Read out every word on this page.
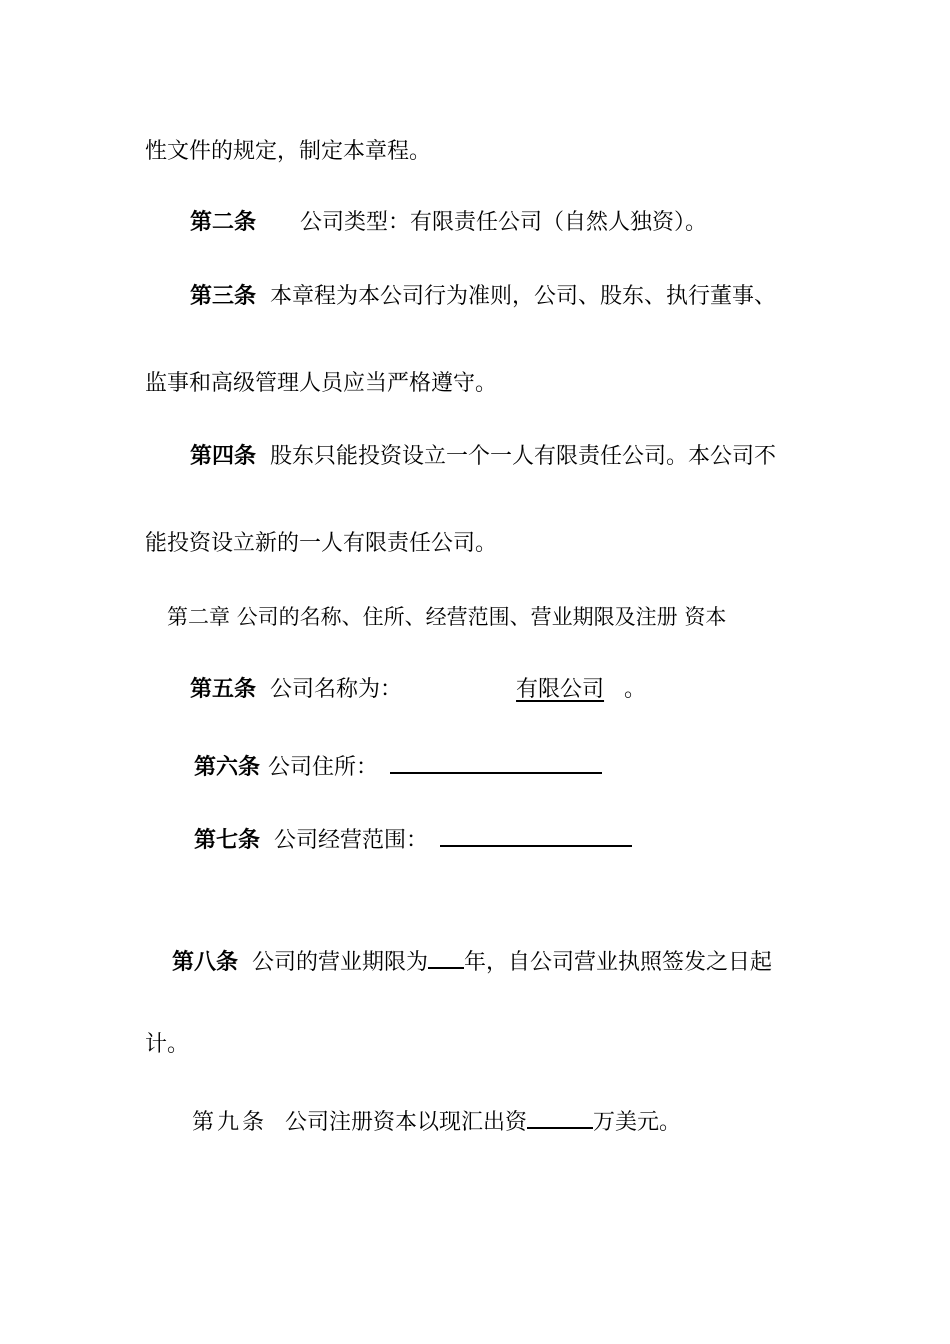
性文件的规定，制定本章程。
第二条 公司类型：有限责任公司（自然人独资）。
第三条 本章程为本公司行为准则，公司、股东、执行董事、
监事和高级管理人员应当严格遵守。
第四条 股东只能投资设立一个一人有限责任公司。本公司不
能投资设立新的一人有限责任公司。
第二章 公司的名称、住所、经营范围、营业期限及注册 资本
第五条 公司名称为：	有限公司 。
第六条 公司住所：
第七条 公司经营范围：
第八条 公司的营业期限为 年，自公司营业执照签发之日起
计。
第九条 公司注册资本以现汇出资	万美元。
